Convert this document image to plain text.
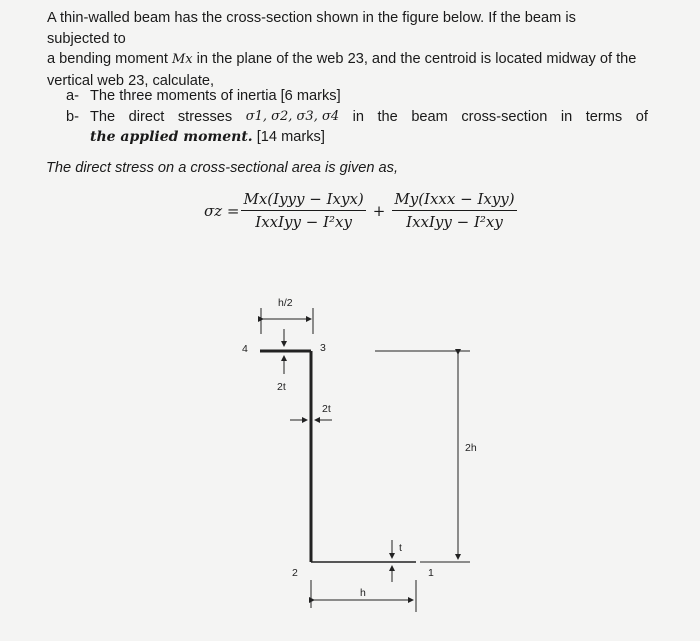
A thin-walled beam has the cross-section shown in the figure below. If the beam is subjected to
a bending moment Mx in the plane of the web 23, and the centroid is located midway of the
vertical web 23, calculate,
a- The three moments of inertia [6 marks]
b- The direct stresses σ1, σ2, σ3, σ4 in the beam cross-section in terms of
the applied moment. [14 marks]
The direct stress on a cross-sectional area is given as,
$\sigma z = \frac{\text{Mx(Iyyy − Ixyx)}}{\text{IxxIyy − I²xy}} + \frac{\text{My(Ixxx − Ixyy)}}{\text{IxxIyy − I²xy}}$
h/2
4	3
2t
2t
2h
t
2	1
h
